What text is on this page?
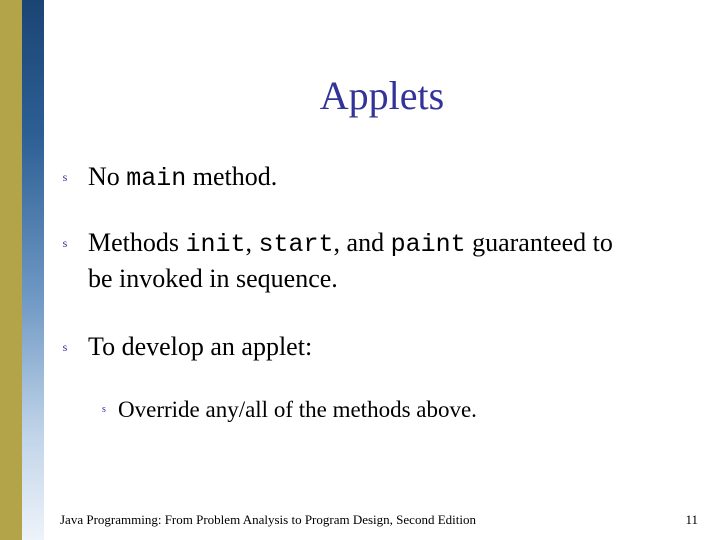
Applets
s No main method.
s Methods init, start, and paint guaranteed to
be invoked in sequence.
s To develop an applet:
s Override any/all of the methods above.
Java Programming: From Problem Analysis to Program Design, Second Edition	11
